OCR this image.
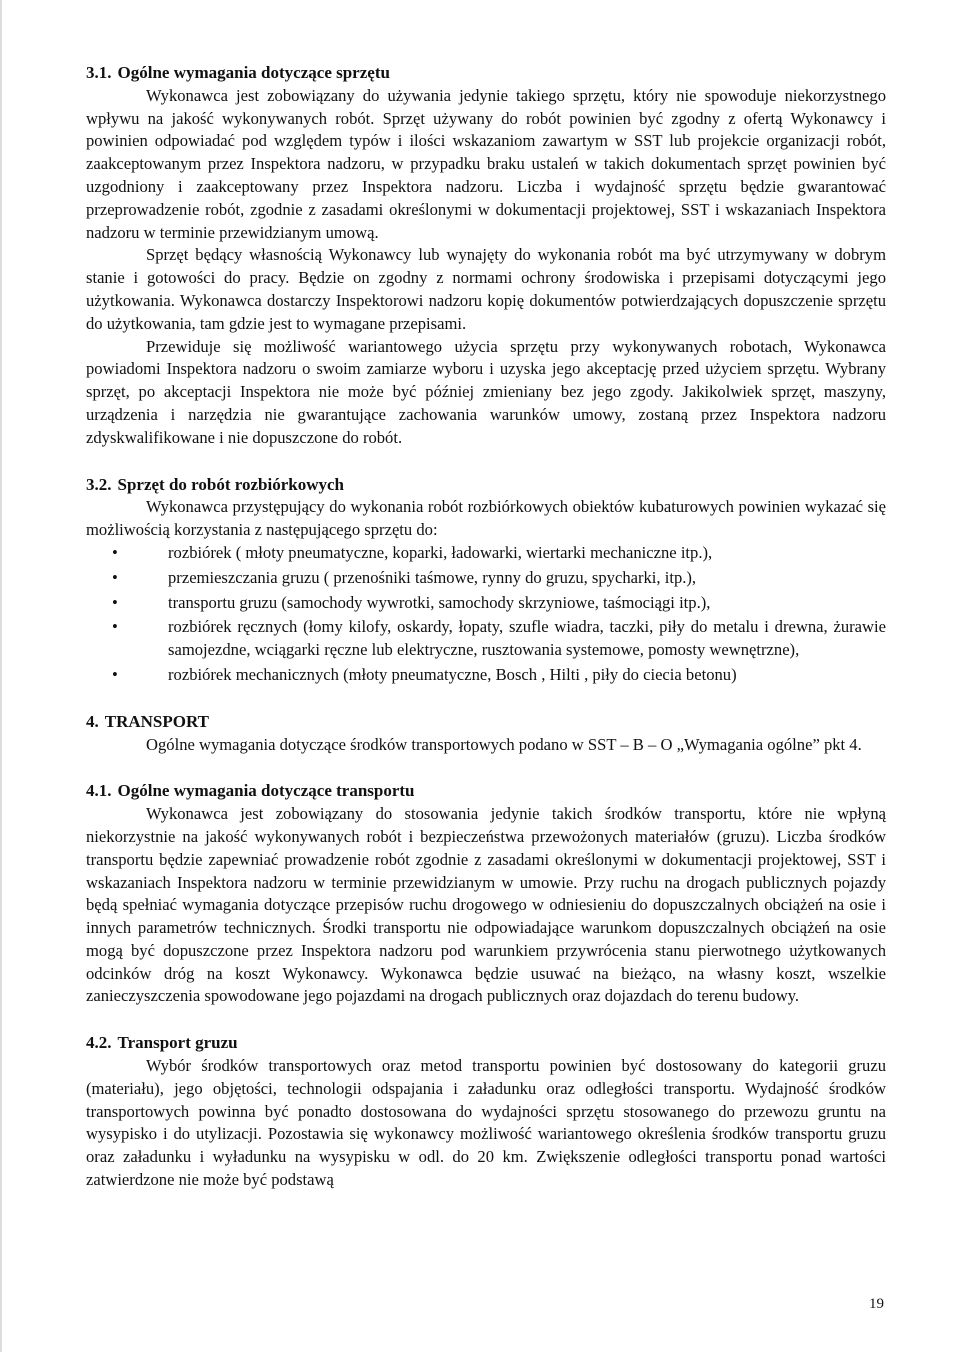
3.1. Ogólne wymagania dotyczące sprzętu

Wykonawca jest zobowiązany do używania jedynie takiego sprzętu, który nie spowoduje niekorzystnego wpływu na jakość wykonywanych robót. Sprzęt używany do robót powinien być zgodny z ofertą Wykonawcy i powinien odpowiadać pod względem typów i ilości wskazaniom zawartym w SST lub projekcie organizacji robót, zaakceptowanym przez Inspektora nadzoru, w przypadku braku ustaleń w takich dokumentach sprzęt powinien być uzgodniony i zaakceptowany przez Inspektora nadzoru. Liczba i wydajność sprzętu będzie gwarantować przeprowadzenie robót, zgodnie z zasadami określonymi w dokumentacji projektowej, SST i wskazaniach Inspektora nadzoru w terminie przewidzianym umową.

Sprzęt będący własnością Wykonawcy lub wynajęty do wykonania robót ma być utrzymywany w dobrym stanie i gotowości do pracy. Będzie on zgodny z normami ochrony środowiska i przepisami dotyczącymi jego użytkowania. Wykonawca dostarczy Inspektorowi nadzoru kopię dokumentów potwierdzających dopuszczenie sprzętu do użytkowania, tam gdzie jest to wymagane przepisami.

Przewiduje się możliwość wariantowego użycia sprzętu przy wykonywanych robotach, Wykonawca powiadomi Inspektora nadzoru o swoim zamiarze wyboru i uzyska jego akceptację przed użyciem sprzętu. Wybrany sprzęt, po akceptacji Inspektora nie może być później zmieniany bez jego zgody. Jakikolwiek sprzęt, maszyny, urządzenia i narzędzia nie gwarantujące zachowania warunków umowy, zostaną przez Inspektora nadzoru zdyskwalifikowane i nie dopuszczone do robót.

3.2. Sprzęt do robót rozbiórkowych

Wykonawca przystępujący do wykonania robót rozbiórkowych obiektów kubaturowych powinien wykazać się możliwością korzystania z następującego sprzętu do:

•	rozbiórek ( młoty pneumatyczne, koparki, ładowarki, wiertarki mechaniczne itp.),
•	przemieszczania gruzu ( przenośniki taśmowe, rynny do gruzu, spycharki, itp.),
•	transportu gruzu (samochody wywrotki, samochody skrzyniowe, taśmociągi itp.),
•	rozbiórek ręcznych (łomy kilofy, oskardy, łopaty, szufle wiadra, taczki, piły do metalu i drewna, żurawie samojezdne, wciągarki ręczne lub elektryczne, rusztowania systemowe, pomosty wewnętrzne),
•	rozbiórek mechanicznych (młoty pneumatyczne, Bosch , Hilti , piły do ciecia betonu)
4. TRANSPORT

Ogólne wymagania dotyczące środków transportowych podano w SST – B – O „Wymagania ogólne” pkt 4.

4.1. Ogólne wymagania dotyczące transportu

Wykonawca jest zobowiązany do stosowania jedynie takich środków transportu, które nie wpłyną niekorzystnie na jakość wykonywanych robót i bezpieczeństwa przewożonych materiałów (gruzu). Liczba środków transportu będzie zapewniać prowadzenie robót zgodnie z zasadami określonymi w dokumentacji projektowej, SST i wskazaniach Inspektora nadzoru w terminie przewidzianym w umowie. Przy ruchu na drogach publicznych pojazdy będą spełniać wymagania dotyczące przepisów ruchu drogowego w odniesieniu do dopuszczalnych obciążeń na osie i innych parametrów technicznych. Środki transportu nie odpowiadające warunkom dopuszczalnych obciążeń na osie mogą być dopuszczone przez Inspektora nadzoru pod warunkiem przywrócenia stanu pierwotnego użytkowanych odcinków dróg na koszt Wykonawcy. Wykonawca będzie usuwać na bieżąco, na własny koszt, wszelkie zanieczyszczenia spowodowane jego pojazdami na drogach publicznych oraz dojazdach do terenu budowy.

4.2. Transport gruzu

Wybór środków transportowych oraz metod transportu powinien być dostosowany do kategorii gruzu (materiału), jego objętości, technologii odspajania i załadunku oraz odległości transportu. Wydajność środków transportowych powinna być ponadto dostosowana do wydajności sprzętu stosowanego do przewozu gruntu na wysypisko i do utylizacji. Pozostawia się wykonawcy możliwość wariantowego określenia środków transportu gruzu oraz załadunku i wyładunku na wysypisku w odl. do 20 km. Zwiększenie odległości transportu ponad wartości zatwierdzone nie może być podstawą

19
